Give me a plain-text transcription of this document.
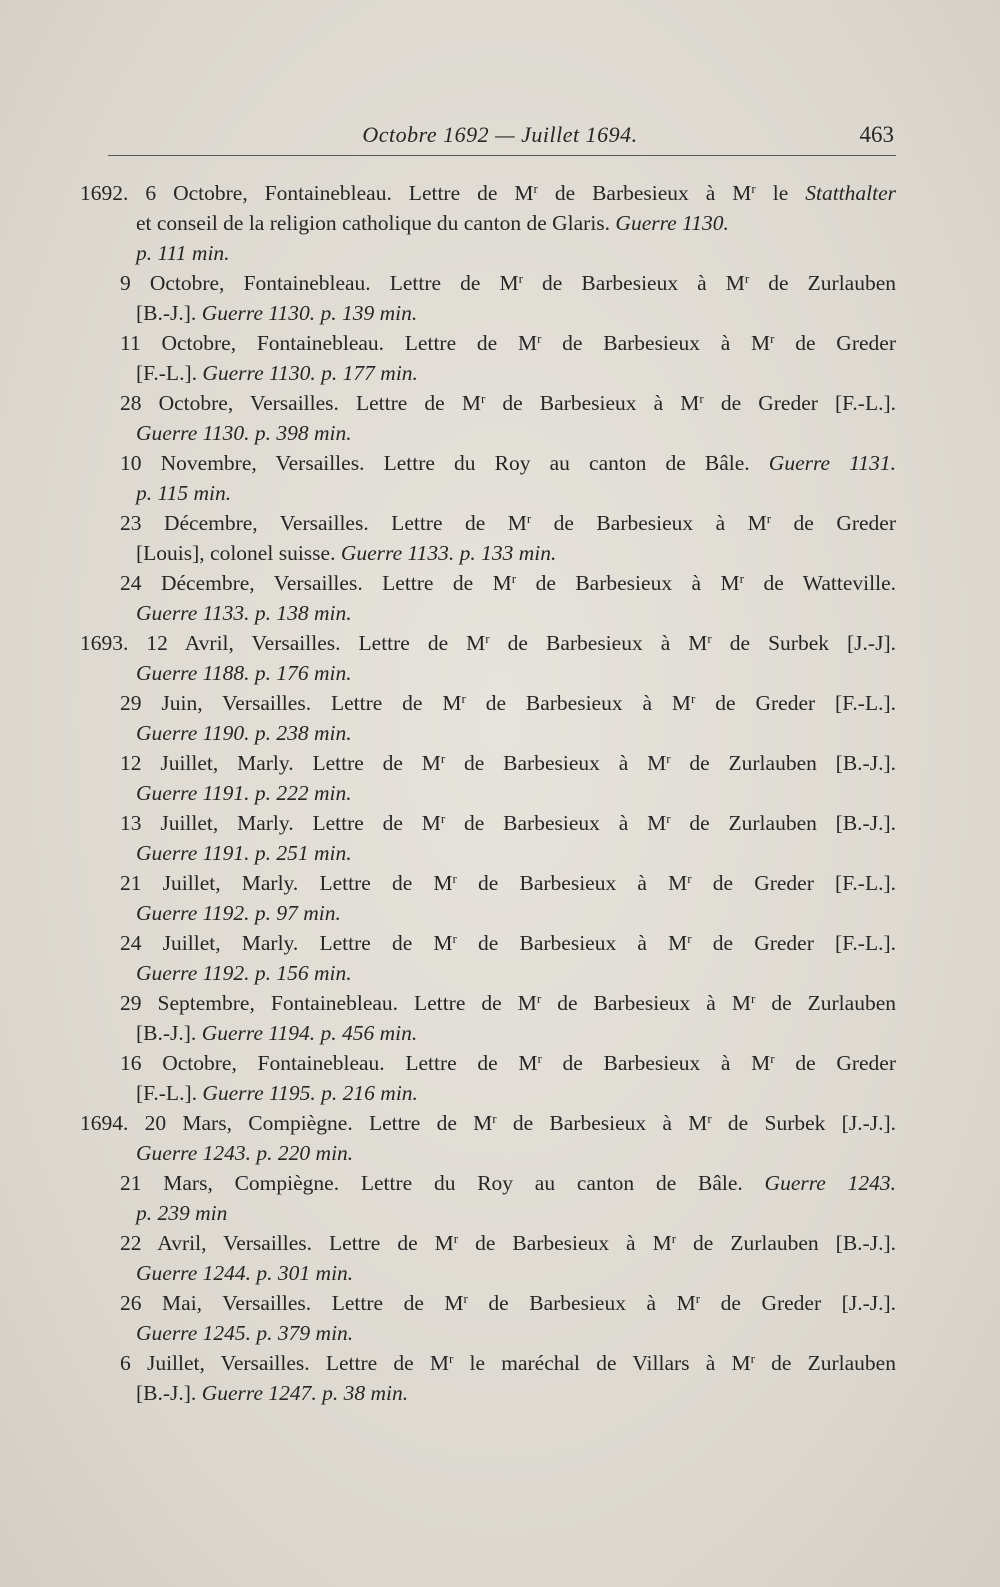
Octobre 1692 — Juillet 1694.	463
1692. 6 Octobre, Fontainebleau. Lettre de $M^r$ de Barbesieux à $M^r$ le Statthalter
et conseil de la religion catholique du canton de Glaris. Guerre 1130.
p. 111 min.
9 Octobre, Fontainebleau. Lettre de $M^r$ de Barbesieux à $M^r$ de Zurlauben
[B.-J.]. Guerre 1130. p. 139 min.
11 Octobre, Fontainebleau. Lettre de $M^r$ de Barbesieux à $M^r$ de Greder
[F.-L.]. Guerre 1130. p. 177 min.
28 Octobre, Versailles. Lettre de $M^r$ de Barbesieux à $M^r$ de Greder [F.-L.].
Guerre 1130. p. 398 min.
10 Novembre, Versailles. Lettre du Roy au canton de Bâle. Guerre 1131.
p. 115 min.
23 Décembre, Versailles. Lettre de $M^r$ de Barbesieux à $M^r$ de Greder
[Louis], colonel suisse. Guerre 1133. p. 133 min.
24 Décembre, Versailles. Lettre de $M^r$ de Barbesieux à $M^r$ de Watteville.
Guerre 1133. p. 138 min.
1693. 12 Avril, Versailles. Lettre de $M^r$ de Barbesieux à $M^r$ de Surbek [J.-J].
Guerre 1188. p. 176 min.
29 Juin, Versailles. Lettre de $M^r$ de Barbesieux à $M^r$ de Greder [F.-L.].
Guerre 1190. p. 238 min.
12 Juillet, Marly. Lettre de $M^r$ de Barbesieux à $M^r$ de Zurlauben [B.-J.].
Guerre 1191. p. 222 min.
13 Juillet, Marly. Lettre de $M^r$ de Barbesieux à $M^r$ de Zurlauben [B.-J.].
Guerre 1191. p. 251 min.
21 Juillet, Marly. Lettre de $M^r$ de Barbesieux à $M^r$ de Greder [F.-L.].
Guerre 1192. p. 97 min.
24 Juillet, Marly. Lettre de $M^r$ de Barbesieux à $M^r$ de Greder [F.-L.].
Guerre 1192. p. 156 min.
29 Septembre, Fontainebleau. Lettre de $M^r$ de Barbesieux à $M^r$ de Zurlauben
[B.-J.]. Guerre 1194. p. 456 min.
16 Octobre, Fontainebleau. Lettre de $M^r$ de Barbesieux à $M^r$ de Greder
[F.-L.]. Guerre 1195. p. 216 min.
1694. 20 Mars, Compiègne. Lettre de $M^r$ de Barbesieux à $M^r$ de Surbek [J.-J.].
Guerre 1243. p. 220 min.
21 Mars, Compiègne. Lettre du Roy au canton de Bâle. Guerre 1243.
p. 239 min
22 Avril, Versailles. Lettre de $M^r$ de Barbesieux à $M^r$ de Zurlauben [B.-J.].
Guerre 1244. p. 301 min.
26 Mai, Versailles. Lettre de $M^r$ de Barbesieux à $M^r$ de Greder [J.-J.].
Guerre 1245. p. 379 min.
6 Juillet, Versailles. Lettre de $M^r$ le maréchal de Villars à $M^r$ de Zurlauben
[B.-J.]. Guerre 1247. p. 38 min.
